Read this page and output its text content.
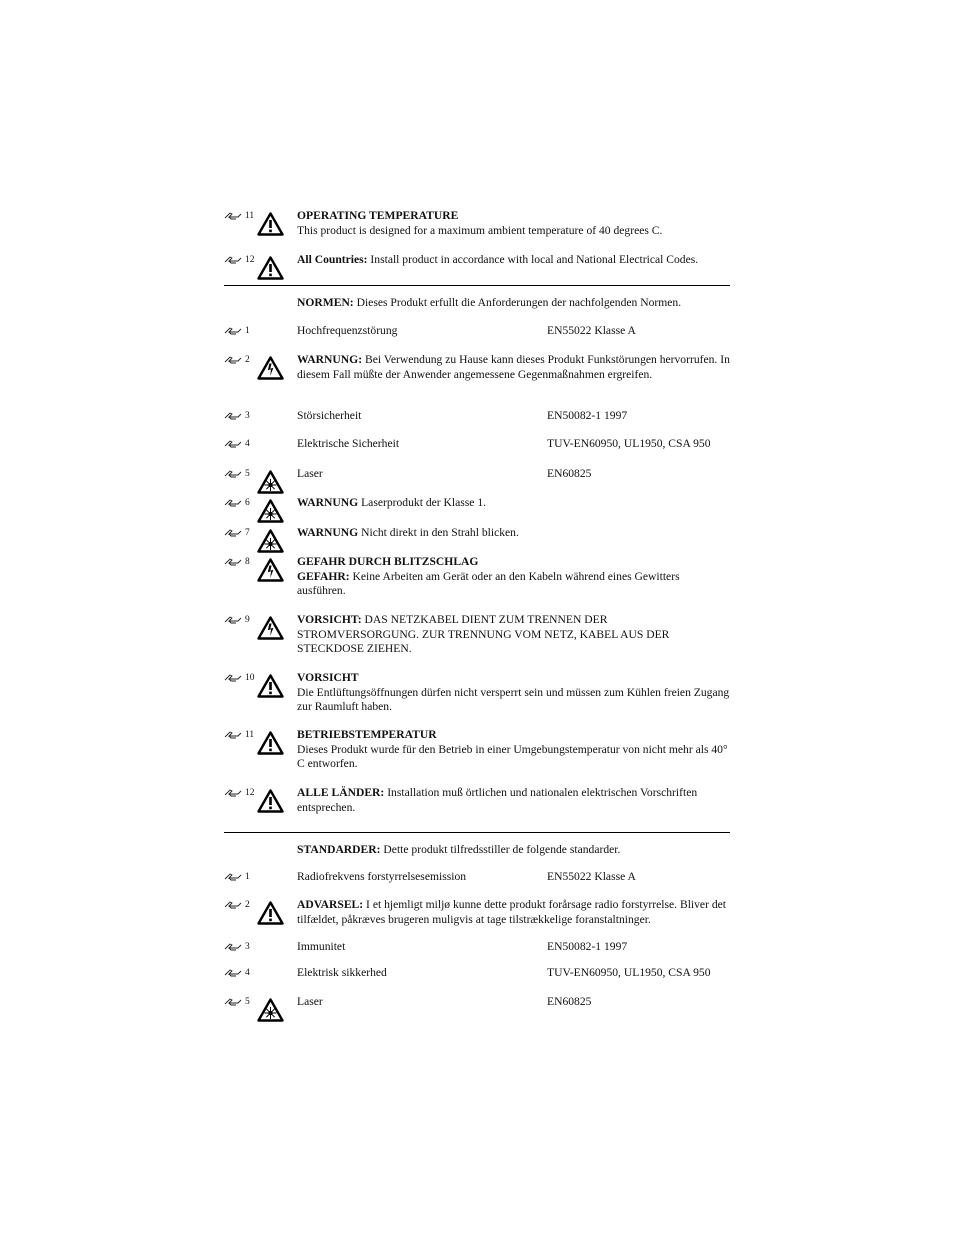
11	OPERATING TEMPERATURE
This product is designed for a maximum ambient temperature of 40 degrees C.
12	All Countries: Install product in accordance with local and National Electrical Codes.
NORMEN: Dieses Produkt erfullt die Anforderungen der nachfolgenden Normen.
1	Hochfrequenzstörung	EN55022 Klasse A
2	WARNUNG: Bei Verwendung zu Hause kann dieses Produkt Funkstörungen hervorrufen. In diesem Fall müßte der Anwender angemessene Gegenmaßnahmen ergreifen.
3	Störsicherheit	EN50082-1 1997
4	Elektrische Sicherheit	TUV-EN60950, UL1950, CSA 950
5	Laser	EN60825
6	WARNUNG Laserprodukt der Klasse 1.
7	WARNUNG Nicht direkt in den Strahl blicken.
8	GEFAHR DURCH BLITZSCHLAG
GEFAHR: Keine Arbeiten am Gerät oder an den Kabeln während eines Gewitters ausführen.
9	VORSICHT: DAS NETZKABEL DIENT ZUM TRENNEN DER STROMVERSORGUNG. ZUR TRENNUNG VOM NETZ, KABEL AUS DER STECKDOSE ZIEHEN.
10	VORSICHT
Die Entlüftungsöffnungen dürfen nicht versperrt sein und müssen zum Kühlen freien Zugang zur Raumluft haben.
11	BETRIEBSTEMPERATUR
Dieses Produkt wurde für den Betrieb in einer Umgebungstemperatur von nicht mehr als 40° C entworfen.
12	ALLE LÄNDER: Installation muß örtlichen und nationalen elektrischen Vorschriften entsprechen.
STANDARDER: Dette produkt tilfredsstiller de folgende standarder.
1	Radiofrekvens forstyrrelsesemission	EN55022 Klasse A
2	ADVARSEL: I et hjemligt miljø kunne dette produkt forårsage radio forstyrrelse. Bliver det tilfældet, påkræves brugeren muligvis at tage tilstrækkelige foranstaltninger.
3	Immunitet	EN50082-1 1997
4	Elektrisk sikkerhed	TUV-EN60950, UL1950, CSA 950
5	Laser	EN60825
